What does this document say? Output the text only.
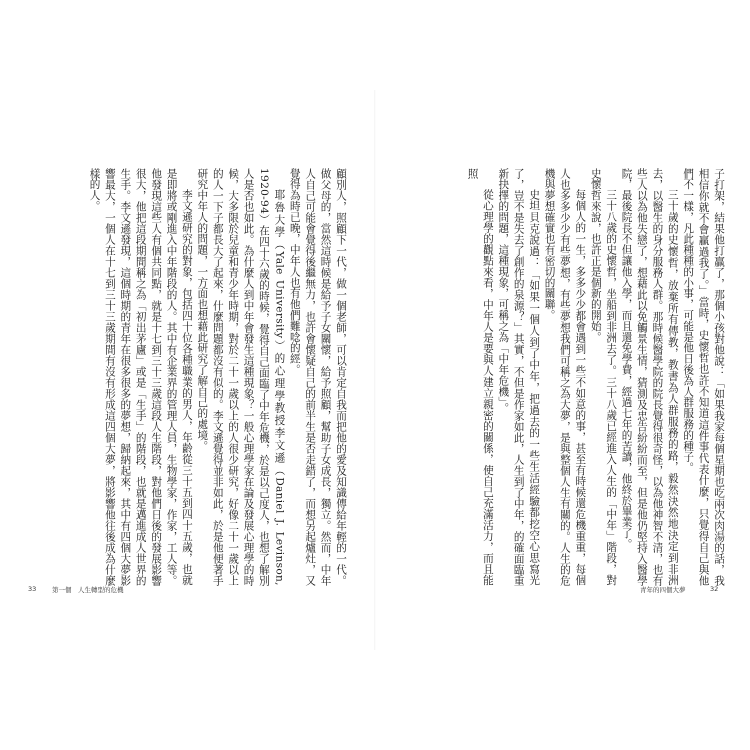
顧別人，照顧下一代，做一個老師，可以肯定自我而把他的愛及知識傳給年輕的一代。做父母的，當然這時候是給予子女關懷，給予照顧，幫助子女成長，獨立。然而，中年人自己可能會覺得後繼無力，也許會懷疑自己的前半生是否走錯了，而想另起爐灶，又覺得為時已晚，中年人也有他們難唸的經。

耶魯大學（Yale University）的心理學教授李文遜（Daniel J. Levinson, 1920-94）在四十六歲的時候，覺得自己面臨了中年危機，於是以己度人，也想了解別人是否也如此。為什麼人到中年會發生這種現象？一般心理學家在論及發展心理學的時候，大多限於兒童和青少年時期，對於二十一歲以上的人很少研究，好像二十一歲以上的人一下子都長大了起來，什麼問題都沒有似的。李文遜覺得並非如此，於是他便著手研究中年人的問題，一方面也想藉此研究了解自己的處境。

李文遜研究的對象，包括四十位各種職業的男人，年齡從三十五到四十五歲，也就是即將或剛進入中年階段的人。其中有企業界的管理人員，生物學家，作家，工人等。他發現這些人有個共同點，就是十七到三十三歲這段人生階段，對他們日後的發展影響很大，他把這段期間稱之為「初出茅廬」或是「生手」的階段，也就是邁進成人世界的生手。李文遜發現，這個時期的青年在很多很多的夢想，歸納起來，其中有四個大夢影響最大，一個人在十七到三十三歲期間有沒有形成這四個大夢，將影響他往後成為什麼樣的人。

33 第一個　人生轉型的危機

子打架，結果他打贏了，那個小孩對他說：「如果我家每個星期也吃兩次肉湯的話，我相信你就不會贏過我了。」當時，史懷哲也許不知道這件事代表什麼，只覺得自己與他們不一樣，凡此種種的小事，可能是他日後為人群服務的種子。

三十歲的史懷哲，放棄所有傳教，教書為人群服務的路，毅然決然地決定到非洲去，以醫生的身分服務人群。那時候醫學院的院長覺得很奇怪，以為他神智不清，也有些人以為他失戀了，想藉此以免觸景生情，猜測及忠告紛紛而至，但是他仍堅持入醫學院，最後院長不但讓他入學，而且還免學費，經過七年的苦讀，他終於畢業了。

三十八歲的史懷哲，坐船到非洲去了。三十八歲已經進入人生的「中年」階段，對史懷哲來說，也許正是個新的開始。

每個人的一生，多多少少都會遇到一些不如意的事，甚至有時候還危機重重，每個人也多多少少有些夢想，有些夢想我們可稱之為大夢，是與整個人生有關的。人生的危機與夢想確實也有密切的關聯。

史坦貝克說過：「如果一個人到了中年，把過去的一些生活經驗都挖空心思寫光了，豈不是失去了創作的泉源？」其實，不但是作家如此，人生到了中年，的確面臨重新抉擇的問題，這種現象，可稱之為「中年危機」。

從心理學的觀點來看，中年人是要與人建立親密的關係，使自己充滿活力，而且能照

青年的四個大夢	32
